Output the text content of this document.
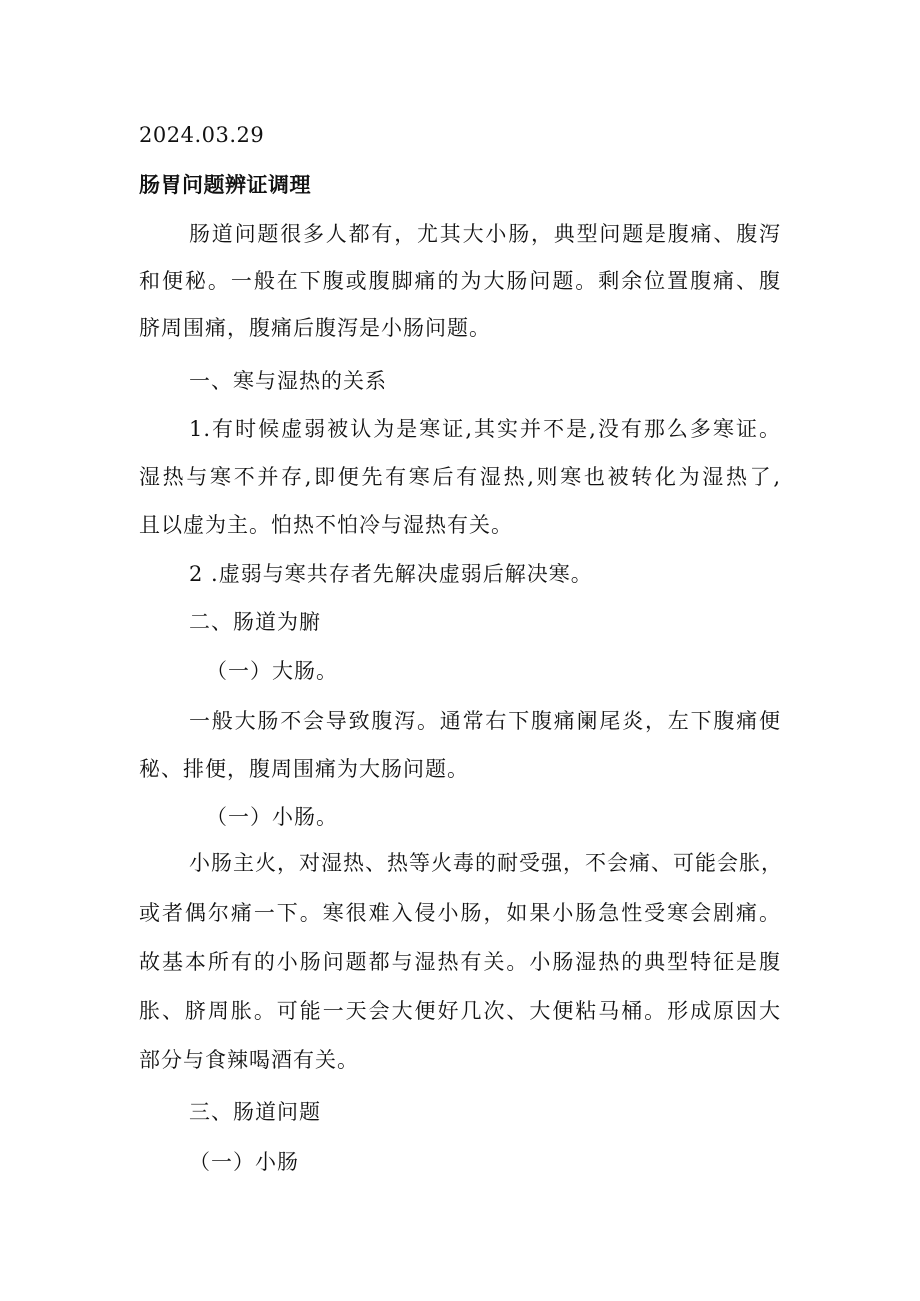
2024.03.29
肠胃问题辨证调理
肠道问题很多人都有，尤其大小肠，典型问题是腹痛、腹泻
和便秘。一般在下腹或腹脚痛的为大肠问题。剩余位置腹痛、腹
脐周围痛，腹痛后腹泻是小肠问题。
一、寒与湿热的关系
1.有时候虚弱被认为是寒证,其实并不是,没有那么多寒证。
湿热与寒不并存,即便先有寒后有湿热,则寒也被转化为湿热了,
且以虚为主。怕热不怕冷与湿热有关。
2 .虚弱与寒共存者先解决虚弱后解决寒。
二、肠道为腑
（一）大肠。
一般大肠不会导致腹泻。通常右下腹痛阑尾炎，左下腹痛便
秘、排便，腹周围痛为大肠问题。
（一）小肠。
小肠主火，对湿热、热等火毒的耐受强，不会痛、可能会胀，
或者偶尔痛一下。寒很难入侵小肠，如果小肠急性受寒会剧痛。
故基本所有的小肠问题都与湿热有关。小肠湿热的典型特征是腹
胀、脐周胀。可能一天会大便好几次、大便粘马桶。形成原因大
部分与食辣喝酒有关。
三、肠道问题
（一）小肠
